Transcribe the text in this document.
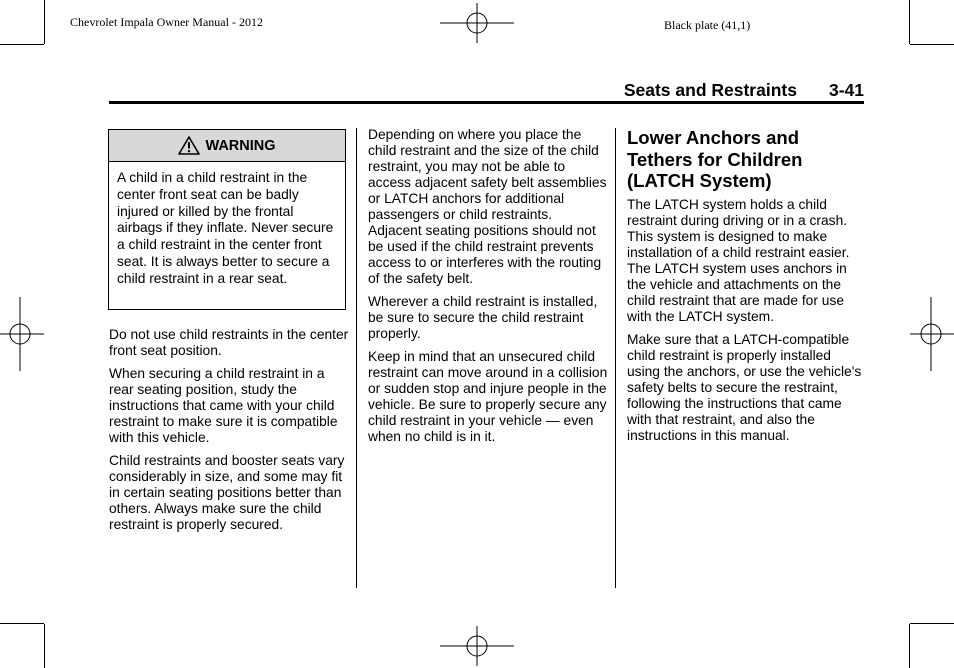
Chevrolet Impala Owner Manual - 2012	Black plate (41,1)
Seats and Restraints 3-41
WARNING
A child in a child restraint in the center front seat can be badly injured or killed by the frontal airbags if they inflate. Never secure a child restraint in the center front seat. It is always better to secure a child restraint in a rear seat.

Do not use child restraints in the center front seat position.

When securing a child restraint in a rear seating position, study the instructions that came with your child restraint to make sure it is compatible with this vehicle.

Child restraints and booster seats vary considerably in size, and some may fit in certain seating positions better than others. Always make sure the child restraint is properly secured.

Depending on where you place the child restraint and the size of the child restraint, you may not be able to access adjacent safety belt assemblies or LATCH anchors for additional passengers or child restraints. Adjacent seating positions should not be used if the child restraint prevents access to or interferes with the routing of the safety belt.

Wherever a child restraint is installed, be sure to secure the child restraint properly.

Keep in mind that an unsecured child restraint can move around in a collision or sudden stop and injure people in the vehicle. Be sure to properly secure any child restraint in your vehicle — even when no child is in it.

Lower Anchors and Tethers for Children (LATCH System)

The LATCH system holds a child restraint during driving or in a crash. This system is designed to make installation of a child restraint easier. The LATCH system uses anchors in the vehicle and attachments on the child restraint that are made for use with the LATCH system.

Make sure that a LATCH-compatible child restraint is properly installed using the anchors, or use the vehicle's safety belts to secure the restraint, following the instructions that came with that restraint, and also the instructions in this manual.
